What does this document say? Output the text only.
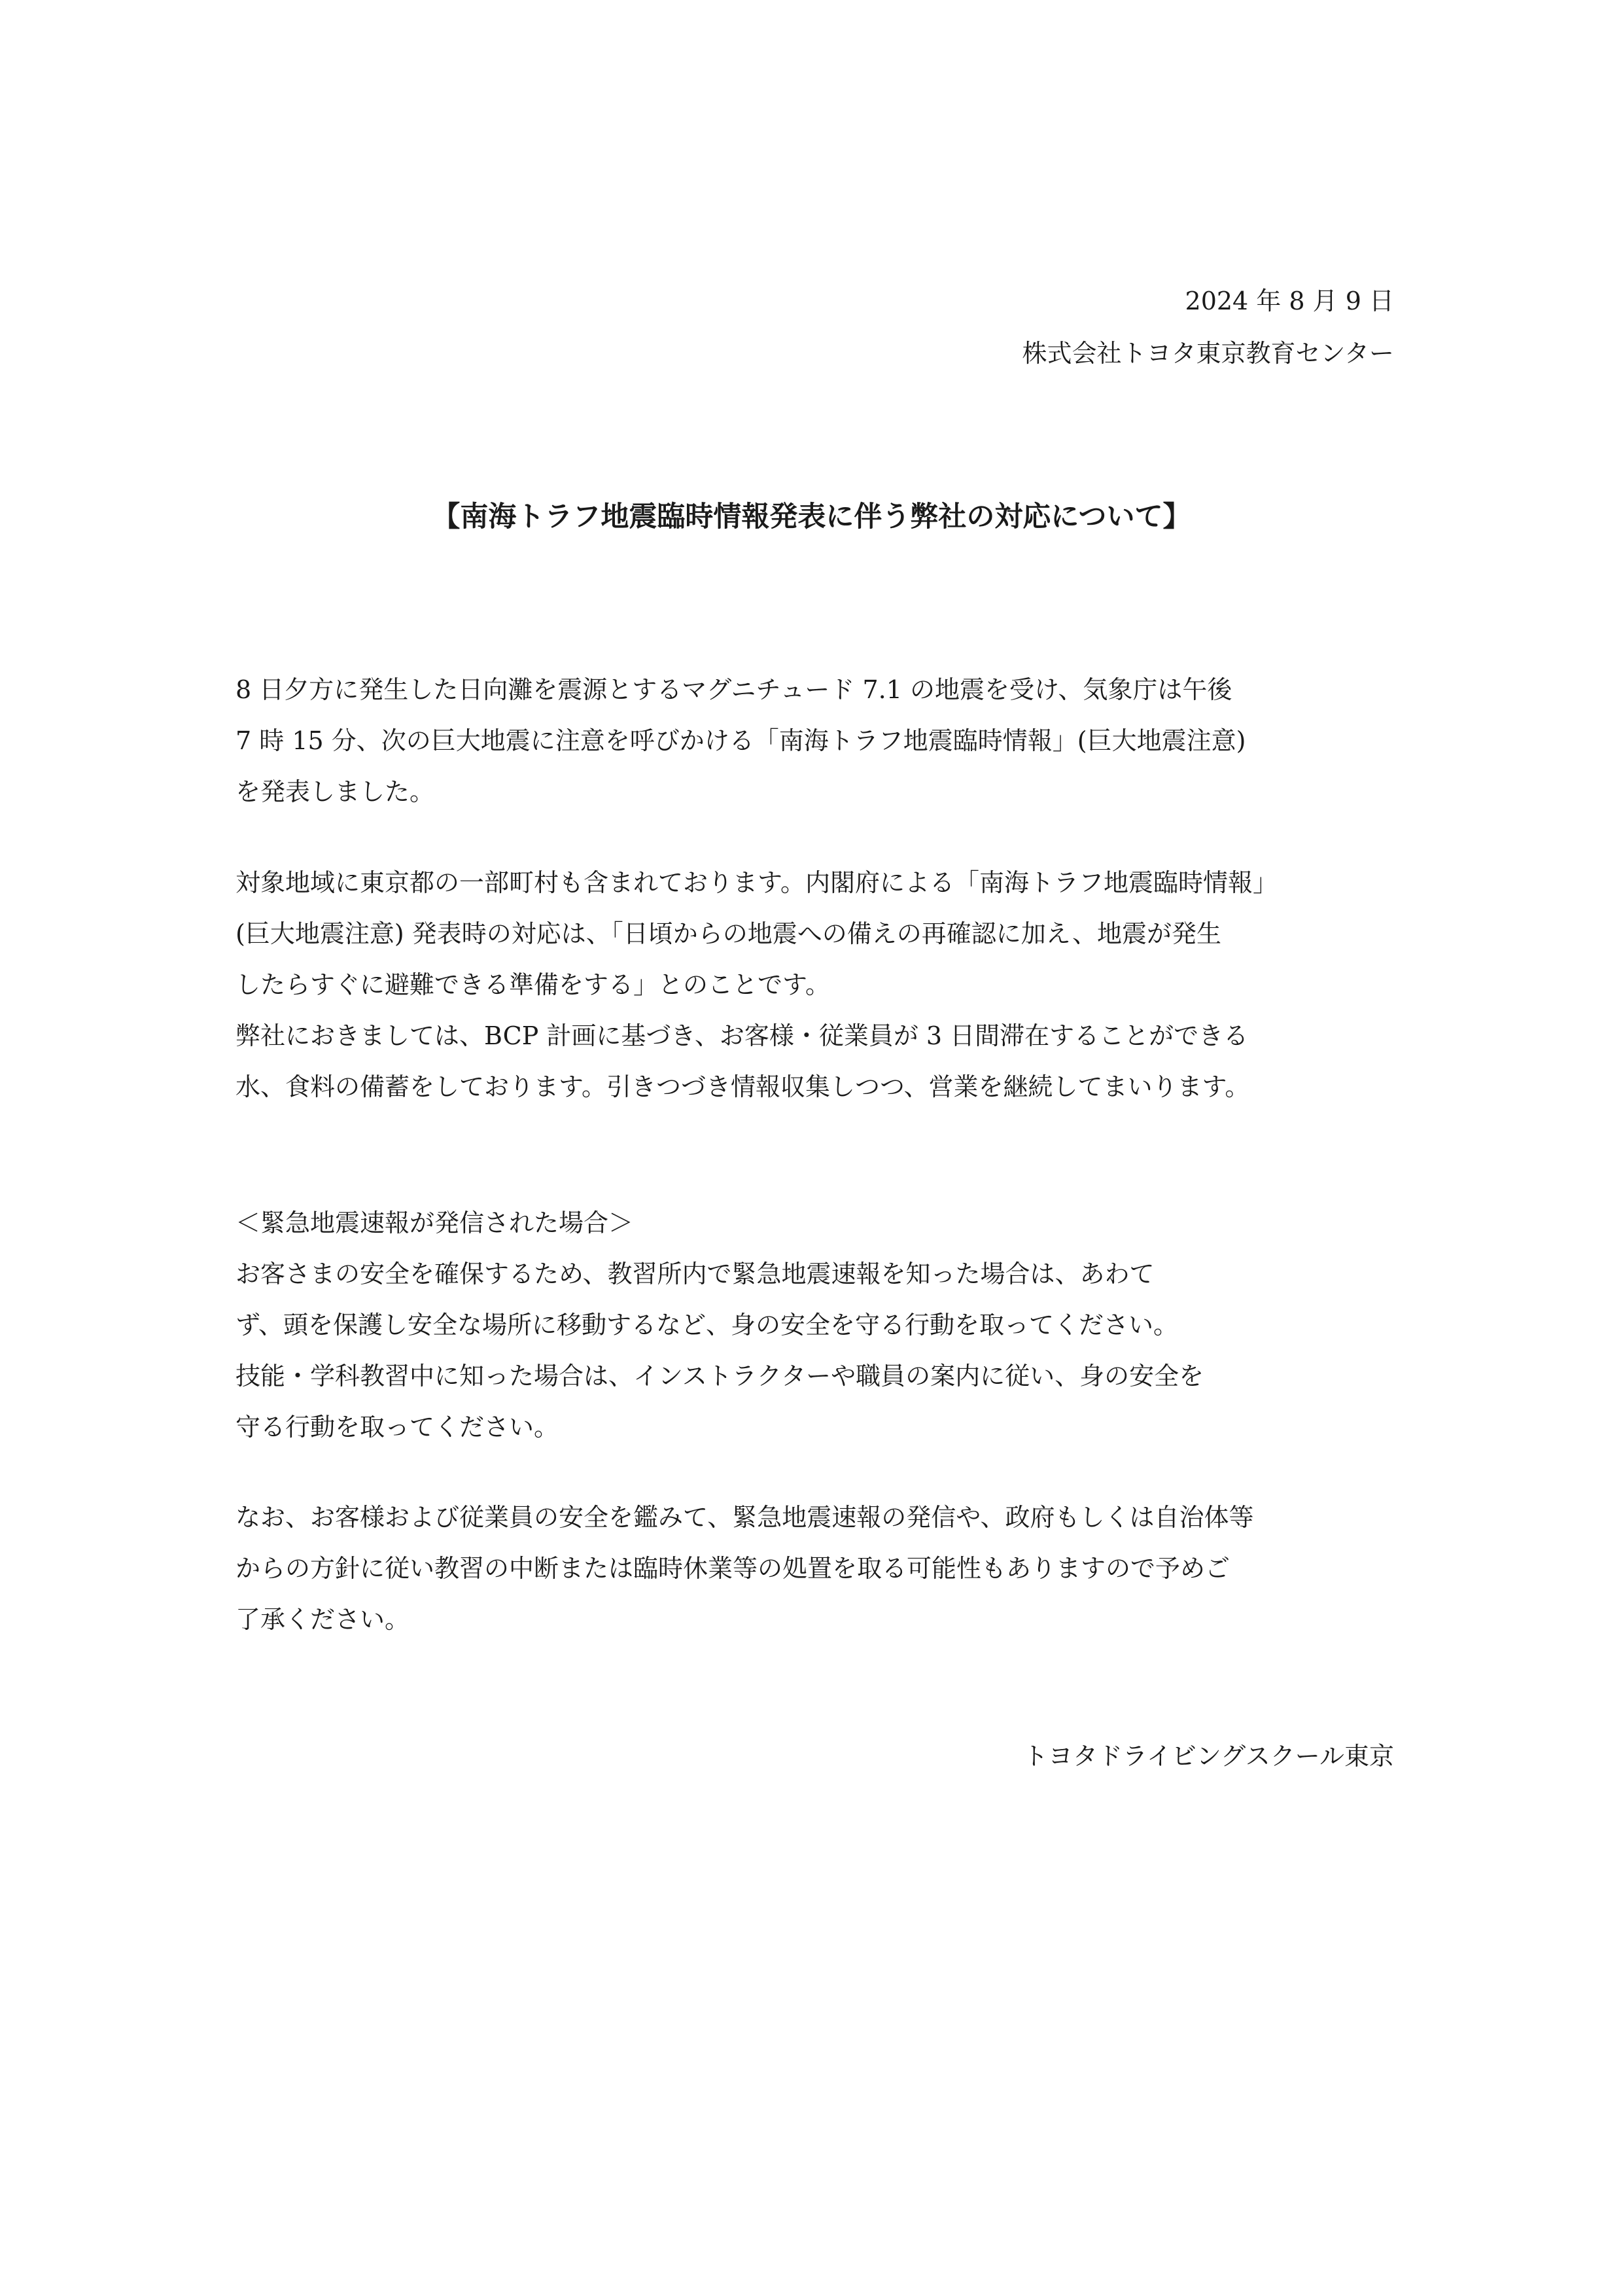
2024 年 8 月 9 日
株式会社トヨタ東京教育センター
【南海トラフ地震臨時情報発表に伴う弊社の対応について】
8 日夕方に発生した日向灘を震源とするマグニチュード 7.1 の地震を受け、気象庁は午後
7 時 15 分、次の巨大地震に注意を呼びかける「南海トラフ地震臨時情報」(巨大地震注意)
を発表しました。
対象地域に東京都の一部町村も含まれております。内閣府による「南海トラフ地震臨時情報」
(巨大地震注意) 発表時の対応は、「日頃からの地震への備えの再確認に加え、地震が発生
したらすぐに避難できる準備をする」とのことです。
弊社におきましては、BCP 計画に基づき、お客様・従業員が 3 日間滞在することができる
水、食料の備蓄をしております。引きつづき情報収集しつつ、営業を継続してまいります。
＜緊急地震速報が発信された場合＞
お客さまの安全を確保するため、教習所内で緊急地震速報を知った場合は、あわて
ず、頭を保護し安全な場所に移動するなど、身の安全を守る行動を取ってください。
技能・学科教習中に知った場合は、インストラクターや職員の案内に従い、身の安全を
守る行動を取ってください。
なお、お客様および従業員の安全を鑑みて、緊急地震速報の発信や、政府もしくは自治体等
からの方針に従い教習の中断または臨時休業等の処置を取る可能性もありますので予めご
了承ください。
トヨタドライビングスクール東京
